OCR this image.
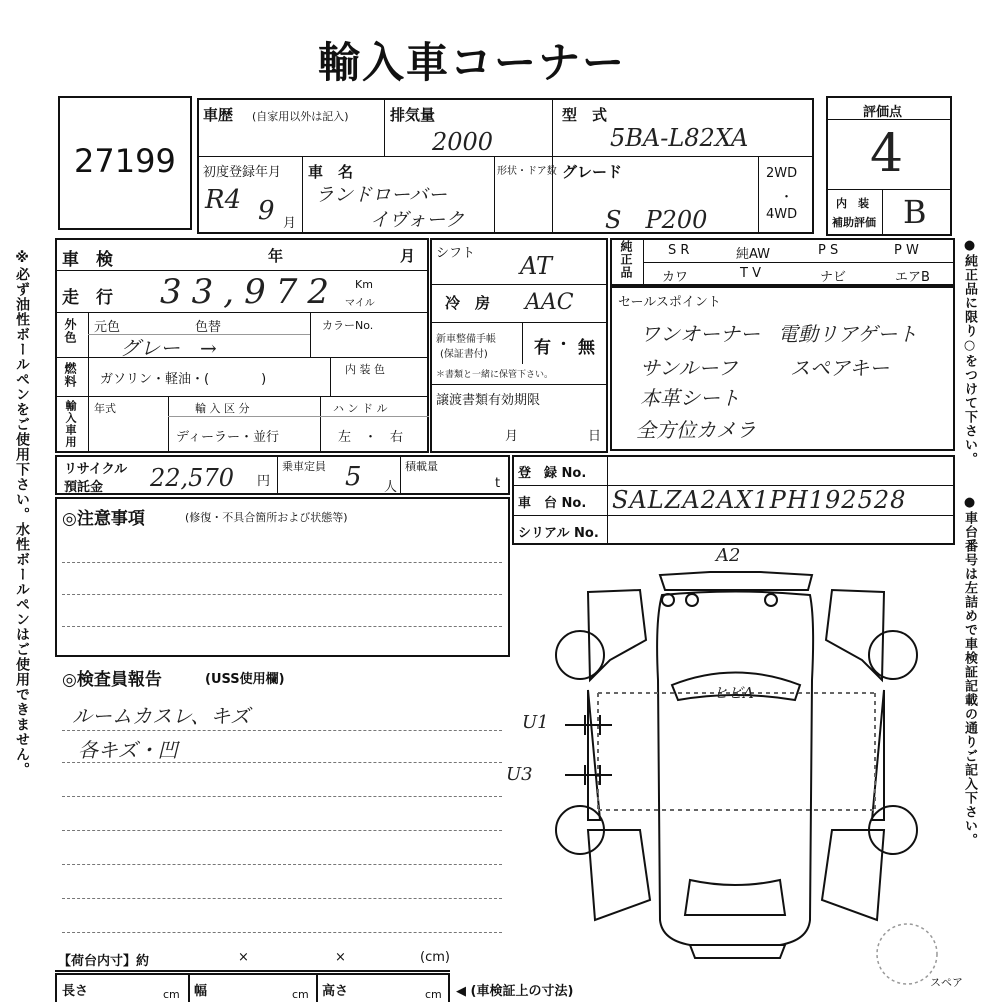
輸入車コーナー
※必ず油性ボールペンをご使用下さい。水性ボールペンはご使用できません。	●純正品に限り○をつけて下さい。
●車台番号は左詰めで車検証記載の通りご記入下さい。
27199
車歴 (自家用以外は記入)	排気量
2000
型　式
5BA-L82XA
初度登録年月
R4 9 月
車　名
ランドローバー
イヴォーク
形状・ドア数 グレード
S　P200
2WD
・
4WD
評価点
4
内　装
補助評価 B
車　検	年	月
走　行 33,972 Km
マイル
外色 元色	色替	カラーNo.
グレー　→
燃料 ガソリン・軽油・(　　　　)
内 装 色
輸入車用 年式	輸 入 区 分
ディーラー・並行
ハ ン ド ル
左　・　右
シフト AT
冷　房 AAC
新車整備手帳
(保証書付)	有 ・ 無
＊書類と一緒に保管下さい。
譲渡書類有効期限
月	日
純正品	S R	純AW	P S	P W
カワ	T V	ナビ	エアB
セールスポイント
ワンオーナー 電動リアゲート
サンルーフ	スペアキー
本革シート
全方位カメラ
リサイクル
預託金 22,570 円
乗車定員 5 人
積載量
t
登　録 No.
車　台 No. SALZA2AX1PH192528
シリアル No.
◎注意事項	(修復・不具合箇所および状態等)
◎検査員報告	(USS使用欄)
ルームカスレ、キズ
各キズ・凹
A2
ヒビA
U1
U3
スペア
【荷台内寸】約	×	×	(cm)
長さ	cm 幅	cm 高さ	cm ◀ (車検証上の寸法)
